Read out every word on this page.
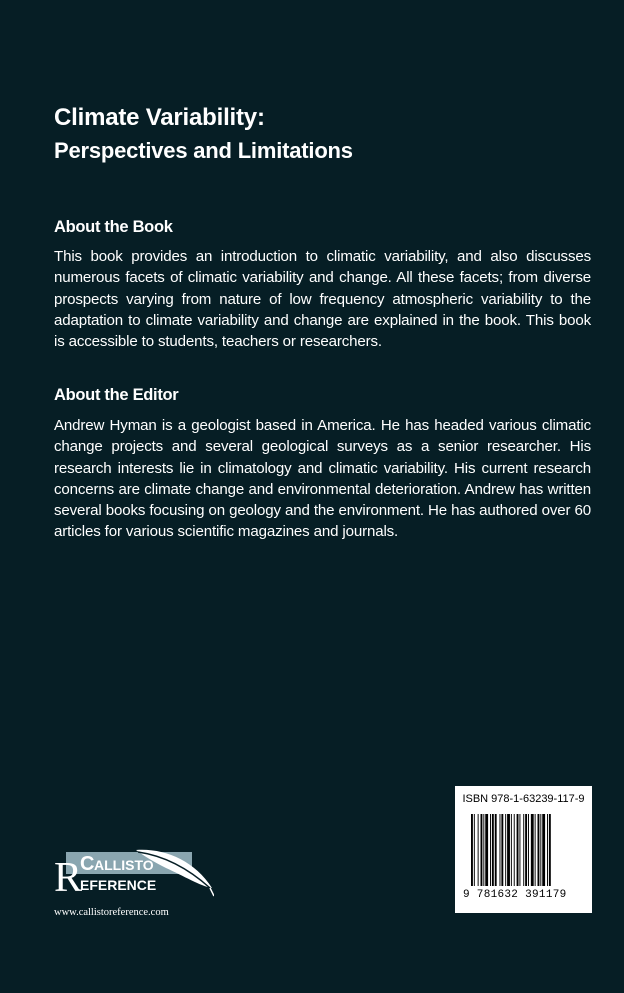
Climate Variability:
Perspectives and Limitations
About the Book
This book provides an introduction to climatic variability, and also discusses numerous facets of climatic variability and change. All these facets; from diverse prospects varying from nature of low frequency atmospheric variability to the adaptation to climate variability and change are explained in the book. This book is accessible to students, teachers or researchers.
About the Editor
Andrew Hyman is a geologist based in America. He has headed various climatic change projects and several geological surveys as a senior researcher. His research interests lie in climatology and climatic variability. His current research concerns are climate change and environmental deterioration. Andrew has written several books focusing on geology and the environment. He has authored over 60 articles for various scientific magazines and journals.
R
C ALLISTO
EFERENCE
www.callistoreference.com
ISBN 978-1-63239-117-9
9 781632 391179
